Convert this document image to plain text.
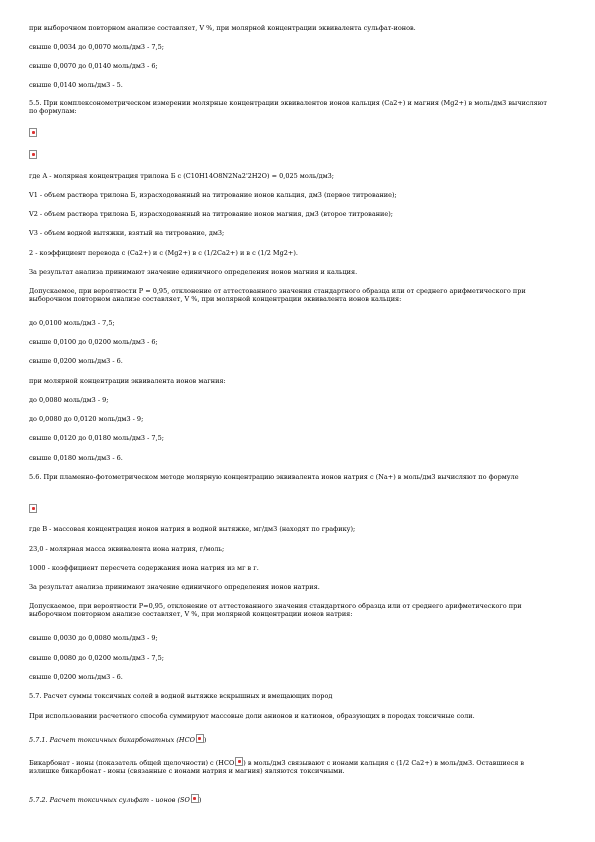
при выборочном повторном анализе составляет, V %, при молярной концентрации эквивалента сульфат-ионов.
свыше 0,0034 до 0,0070 моль/дм3 - 7,5;
свыше 0,0070 до 0,0140 моль/дм3 - 6;
свыше 0,0140 моль/дм3 - 5.
5.5. При комплексонометрическом измерении молярные концентрации эквивалентов ионов кальция (Ca2+) и магния (Mg2+) в моль/дм3 вычисляют по формулам:
где А - молярная концентрация трилона Б с (C10H14O8N2Na2'2H2O) = 0,025 моль/дм3;
V1 - объем раствора трилона Б, израсходованный на титрование ионов кальция, дм3 (первое титрование);
V2 - объем раствора трилона Б, израсходованный на титрование ионов магния, дм3 (второе титрование);
V3 - объем водной вытяжки, взятый на титрование, дм3;
2 - коэффициент перевода с (Ca2+) и с (Mg2+) в с (1/2Ca2+) и в с (1/2 Mg2+).
За результат анализа принимают значение единичного определения ионов магния и кальция.
Допускаемое, при вероятности P = 0,95, отклонение от аттестованного значения стандартного образца или от среднего арифметического при выборочном повторном анализе составляет, V %, при молярной концентрации эквивалента ионов кальция:
до 0,0100 моль/дм3 - 7,5;
свыше 0,0100 до 0,0200 моль/дм3 - 6;
свыше 0,0200 моль/дм3 - 6.
при молярной концентрации эквивалента ионов магния:
до 0,0080 моль/дм3 - 9;
до 0,0080 до 0,0120 моль/дм3 - 9;
свыше 0,0120 до 0,0180 моль/дм3 - 7,5;
свыше 0,0180 моль/дм3 - 6.
5.6. При пламенно-фотометрическом методе молярную концентрацию эквивалента ионов натрия с (Na+) в моль/дм3 вычисляют по формуле
где В - массовая концентрация ионов натрия в водной вытяжке, мг/дм3 (находят по графику);
23,0 - молярная масса эквивалента иона натрия, г/моль;
1000 - коэффициент пересчета содержания иона натрия из мг в г.
За результат анализа принимают значение единичного определения ионов натрия.
Допускаемое, при вероятности P=0,95, отклонение от аттестованного значения стандартного образца или от среднего арифметического при выборочном повторном анализе составляет, V %, при молярной концентрации ионов натрия:
свыше 0,0030 до 0,0080 моль/дм3 - 9;
свыше 0,0080 до 0,0200 моль/дм3 - 7,5;
свыше 0,0200 моль/дм3 - 6.
5.7. Расчет суммы токсичных солей в водной вытяжке вскрышных и вмещающих пород
При использовании расчетного способа суммируют массовые доли анионов и катионов, образующих в породах токсичные соли.
5.7.1. Расчет токсичных бикарбонатных (НСО )
Бикарбонат - ионы (показатель общей щелочности) с (НСО ) в моль/дм3 связывают с ионами кальция с (1/2 Ca2+) в моль/дм3. Оставшиеся в излишке бикарбонат - ионы (связанные с ионами натрия и магния) являются токсичными.
5.7.2. Расчет токсичных сульфат - ионов (SO )
